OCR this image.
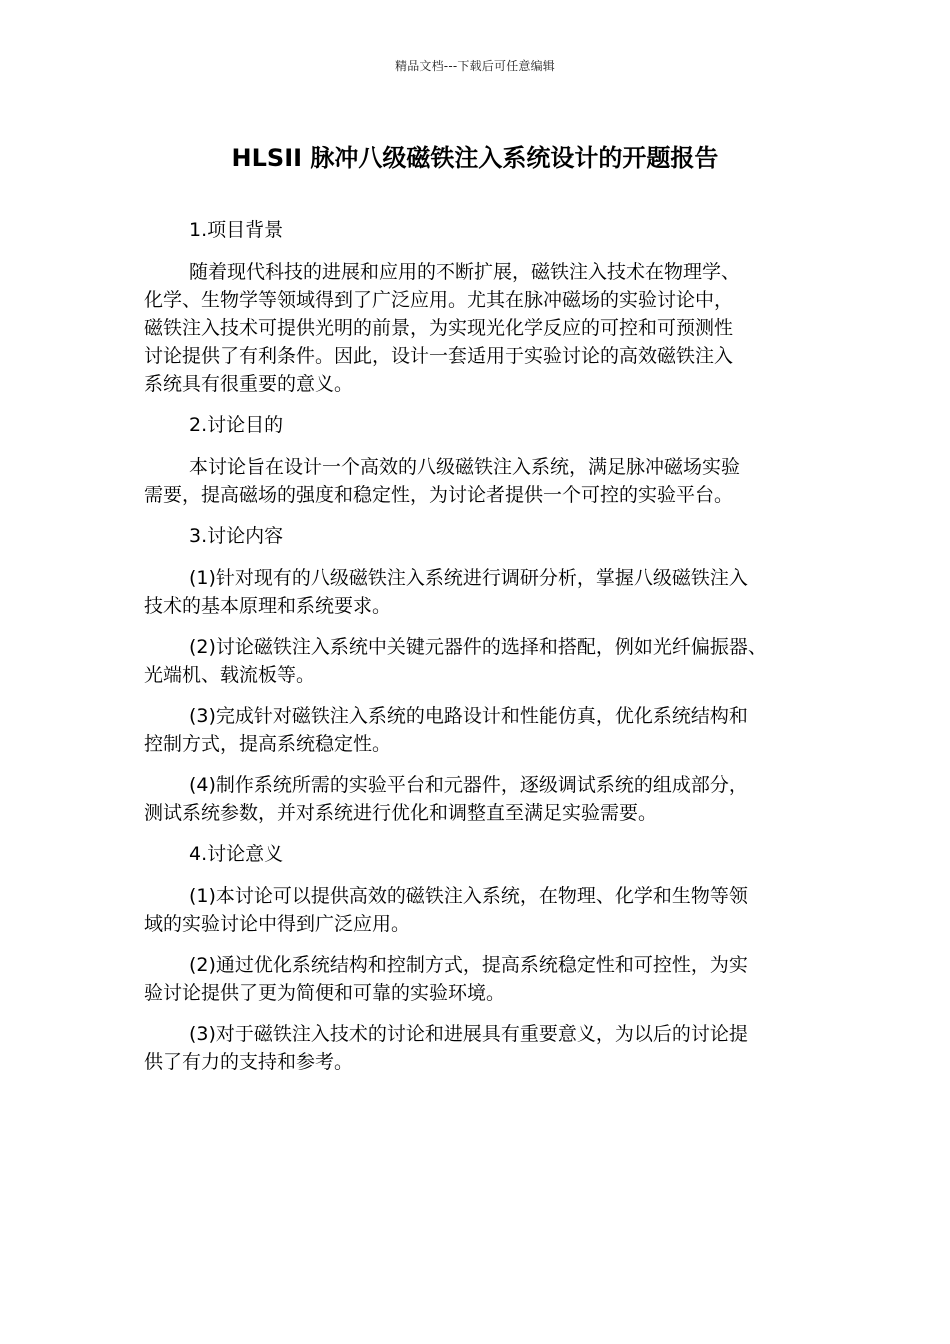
精品文档---下载后可任意编辑
HLSII 脉冲八级磁铁注入系统设计的开题报告
1.项目背景
随着现代科技的进展和应用的不断扩展，磁铁注入技术在物理学、
化学、生物学等领域得到了广泛应用。尤其在脉冲磁场的实验讨论中，
磁铁注入技术可提供光明的前景，为实现光化学反应的可控和可预测性
讨论提供了有利条件。因此，设计一套适用于实验讨论的高效磁铁注入
系统具有很重要的意义。
2.讨论目的
本讨论旨在设计一个高效的八级磁铁注入系统，满足脉冲磁场实验
需要，提高磁场的强度和稳定性，为讨论者提供一个可控的实验平台。
3.讨论内容
(1)针对现有的八级磁铁注入系统进行调研分析，掌握八级磁铁注入
技术的基本原理和系统要求。
(2)讨论磁铁注入系统中关键元器件的选择和搭配，例如光纤偏振器、
光端机、载流板等。
(3)完成针对磁铁注入系统的电路设计和性能仿真，优化系统结构和
控制方式，提高系统稳定性。
(4)制作系统所需的实验平台和元器件，逐级调试系统的组成部分，
测试系统参数，并对系统进行优化和调整直至满足实验需要。
4.讨论意义
(1)本讨论可以提供高效的磁铁注入系统，在物理、化学和生物等领
域的实验讨论中得到广泛应用。
(2)通过优化系统结构和控制方式，提高系统稳定性和可控性，为实
验讨论提供了更为简便和可靠的实验环境。
(3)对于磁铁注入技术的讨论和进展具有重要意义，为以后的讨论提
供了有力的支持和参考。
